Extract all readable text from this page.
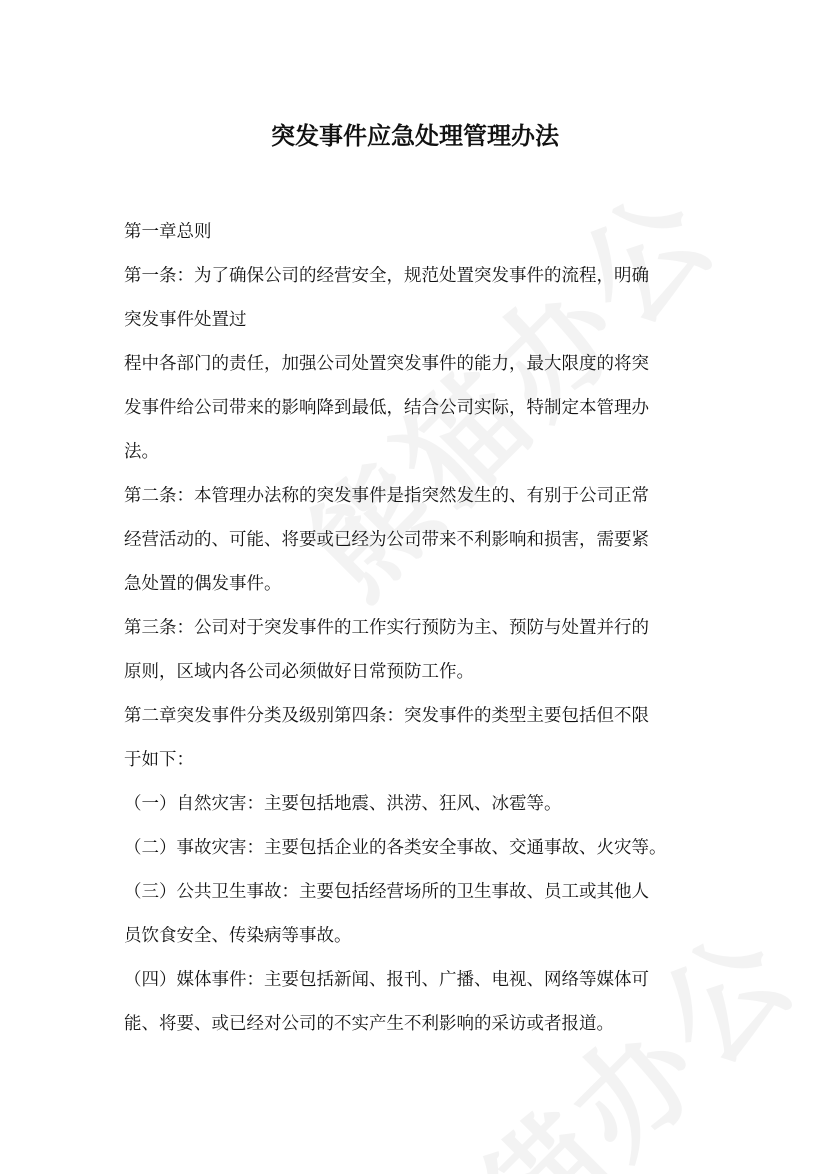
突发事件应急处理管理办法

第一章总则

第一条：为了确保公司的经营安全，规范处置突发事件的流程，明确

突发事件处置过

程中各部门的责任，加强公司处置突发事件的能力，最大限度的将突

发事件给公司带来的影响降到最低，结合公司实际，特制定本管理办

法。

第二条：本管理办法称的突发事件是指突然发生的、有别于公司正常

经营活动的、可能、将要或已经为公司带来不利影响和损害，需要紧

急处置的偶发事件。

第三条：公司对于突发事件的工作实行预防为主、预防与处置并行的

原则，区域内各公司必须做好日常预防工作。

第二章突发事件分类及级别第四条：突发事件的类型主要包括但不限

于如下：

（一）自然灾害：主要包括地震、洪涝、狂风、冰雹等。

（二）事故灾害：主要包括企业的各类安全事故、交通事故、火灾等。

（三）公共卫生事故：主要包括经营场所的卫生事故、员工或其他人

员饮食安全、传染病等事故。

（四）媒体事件：主要包括新闻、报刊、广播、电视、网络等媒体可

能、将要、或已经对公司的不实产生不利影响的采访或者报道。
